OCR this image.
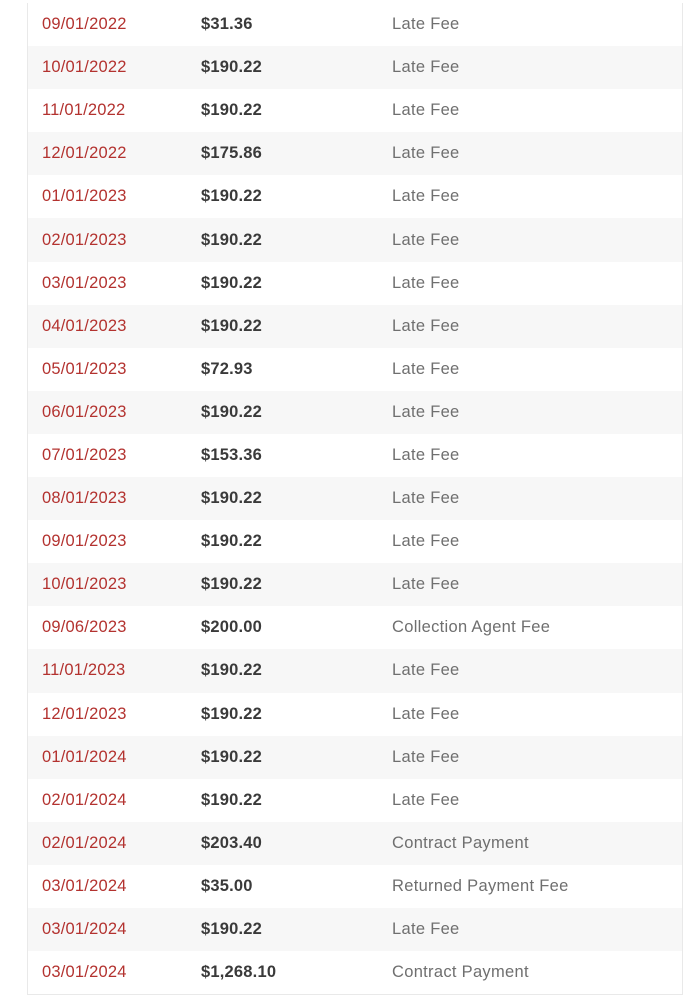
09/01/2022	$31.36	Late Fee
10/01/2022	$190.22	Late Fee
11/01/2022	$190.22	Late Fee
12/01/2022	$175.86	Late Fee
01/01/2023	$190.22	Late Fee
02/01/2023	$190.22	Late Fee
03/01/2023	$190.22	Late Fee
04/01/2023	$190.22	Late Fee
05/01/2023	$72.93	Late Fee
06/01/2023	$190.22	Late Fee
07/01/2023	$153.36	Late Fee
08/01/2023	$190.22	Late Fee
09/01/2023	$190.22	Late Fee
10/01/2023	$190.22	Late Fee
09/06/2023	$200.00	Collection Agent Fee
11/01/2023	$190.22	Late Fee
12/01/2023	$190.22	Late Fee
01/01/2024	$190.22	Late Fee
02/01/2024	$190.22	Late Fee
02/01/2024	$203.40	Contract Payment
03/01/2024	$35.00	Returned Payment Fee
03/01/2024	$190.22	Late Fee
03/01/2024	$1,268.10	Contract Payment
